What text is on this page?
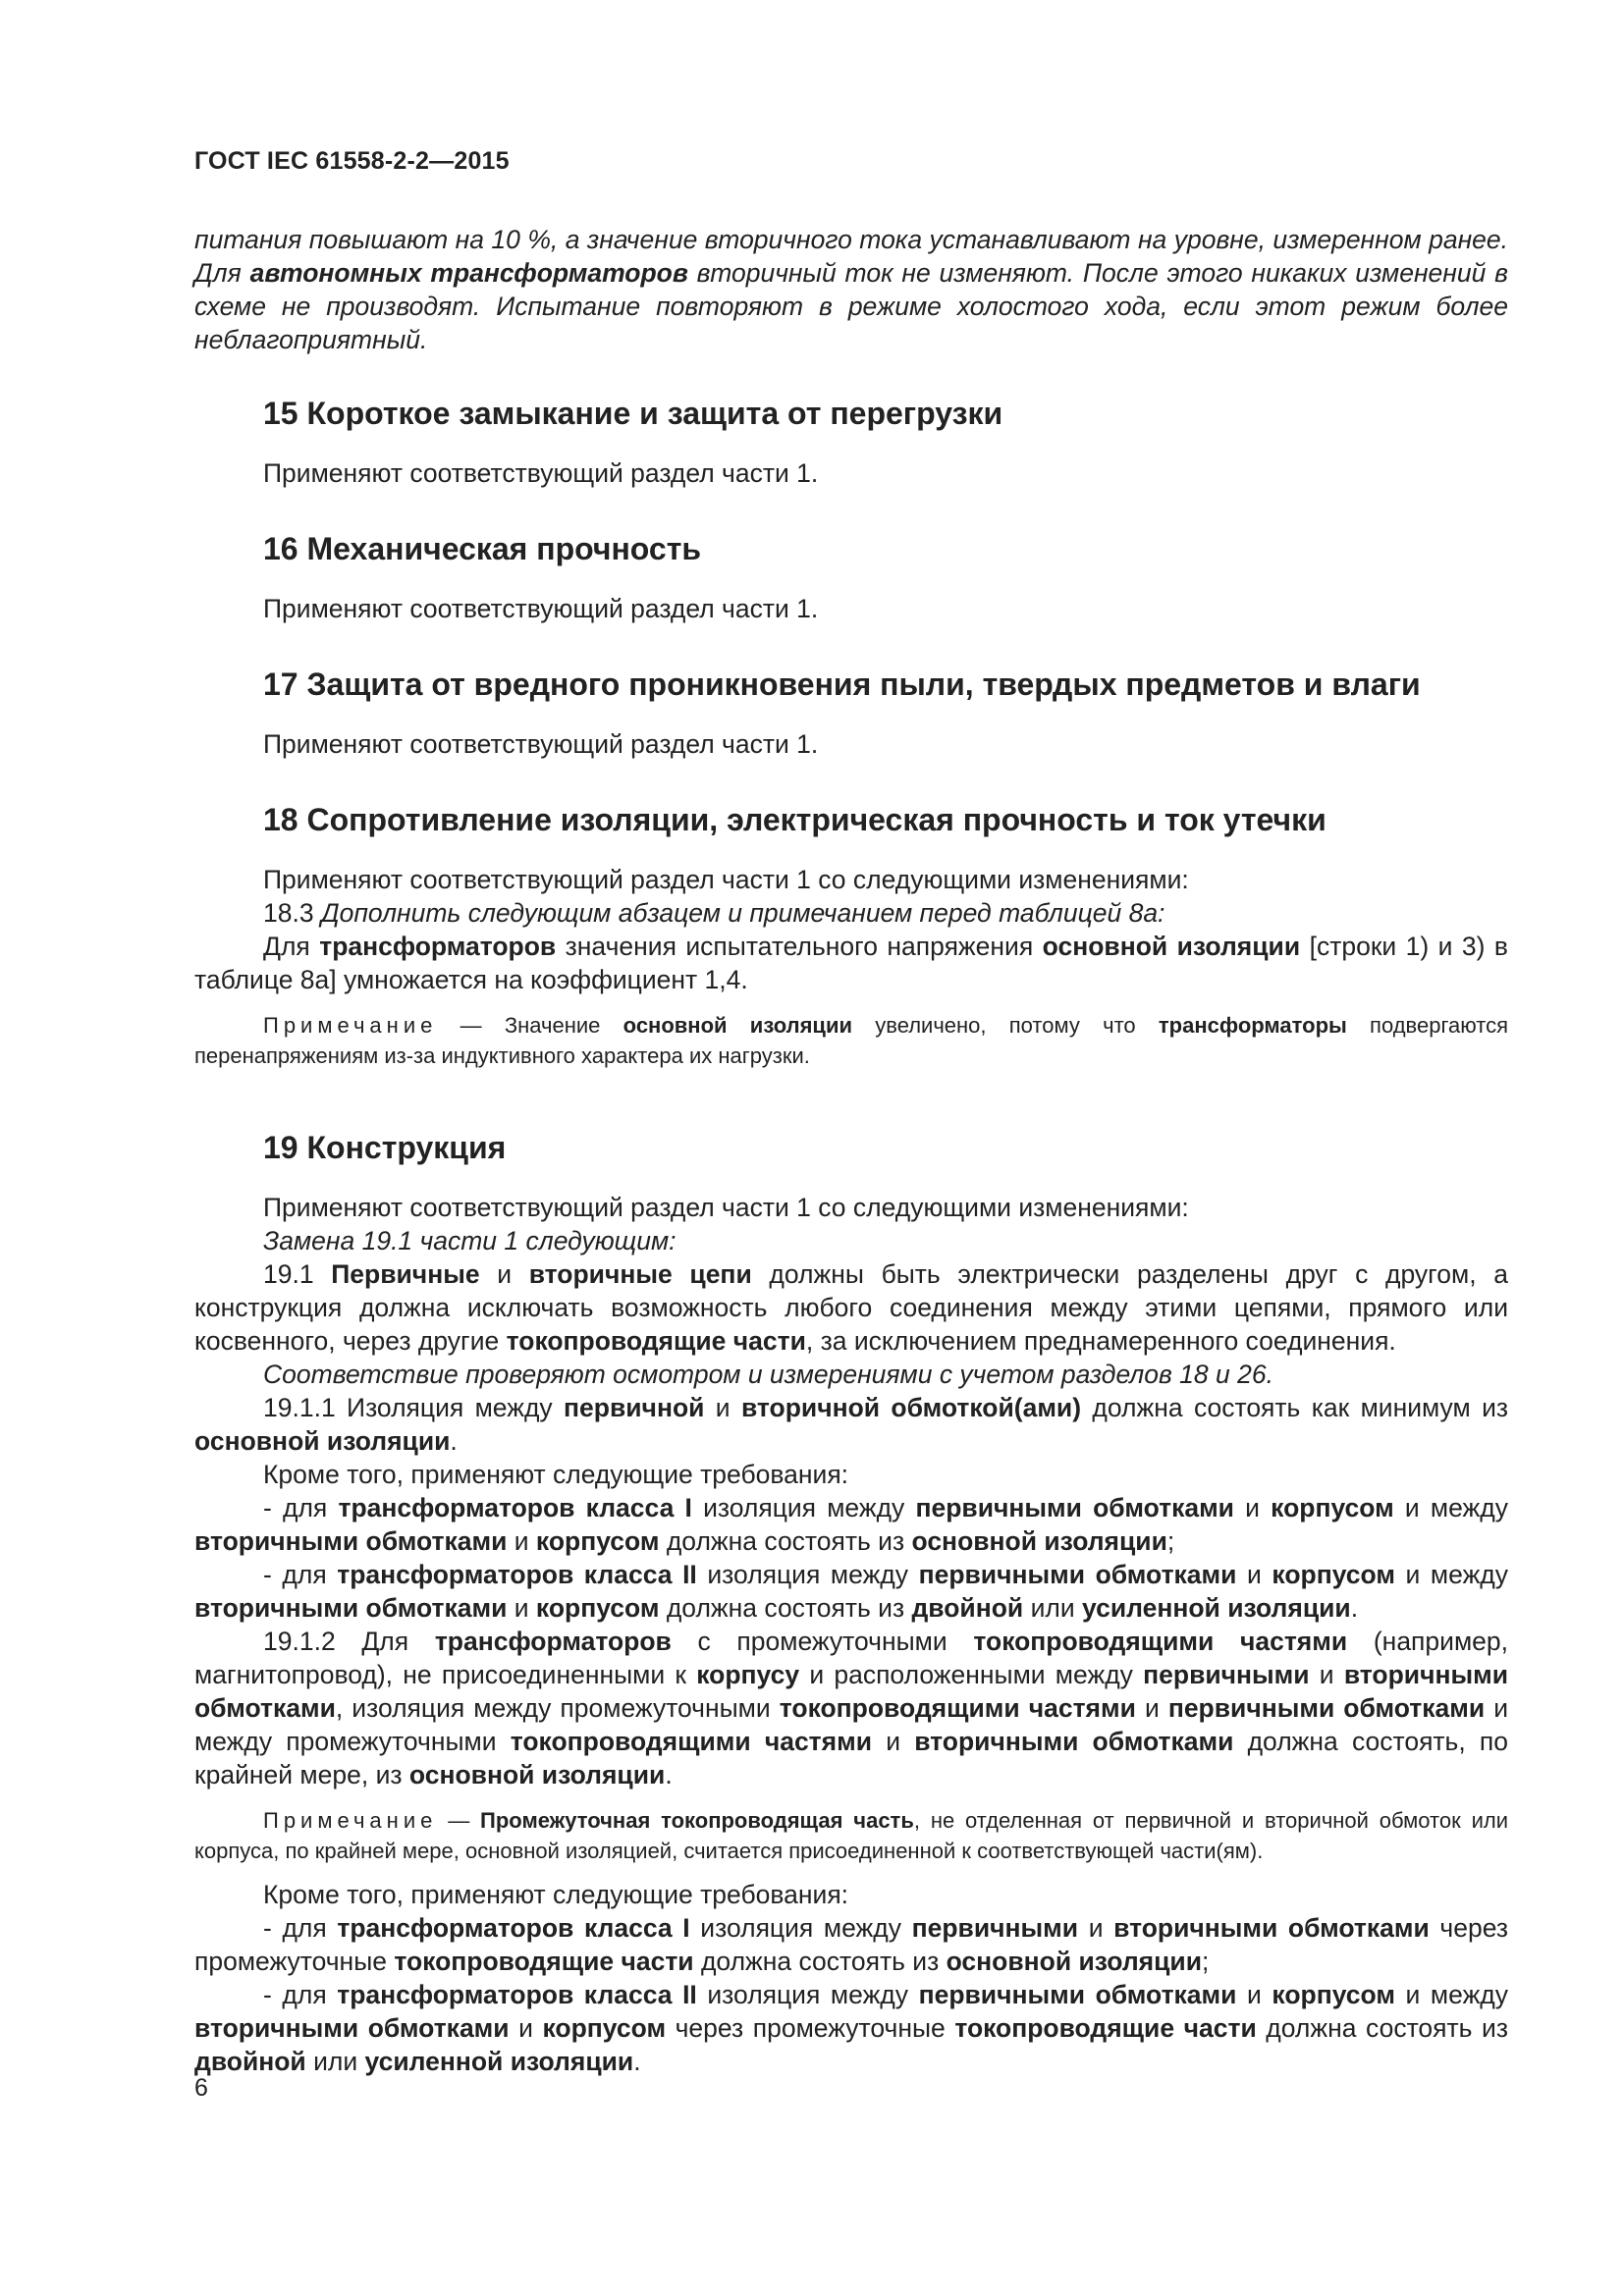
ГОСТ IEC 61558-2-2—2015

питания повышают на 10 %, а значение вторичного тока устанавливают на уровне, измеренном ранее. Для автономных трансформаторов вторичный ток не изменяют. После этого никаких изменений в схеме не производят. Испытание повторяют в режиме холостого хода, если этот режим более неблагоприятный.

15 Короткое замыкание и защита от перегрузки

Применяют соответствующий раздел части 1.

16 Механическая прочность

Применяют соответствующий раздел части 1.

17 Защита от вредного проникновения пыли, твердых предметов и влаги

Применяют соответствующий раздел части 1.

18 Сопротивление изоляции, электрическая прочность и ток утечки

Применяют соответствующий раздел части 1 со следующими изменениями:

18.3 Дополнить следующим абзацем и примечанием перед таблицей 8а:

Для трансформаторов значения испытательного напряжения основной изоляции [строки 1) и 3) в таблице 8а] умножается на коэффициент 1,4.

Примечание — Значение основной изоляции увеличено, потому что трансформаторы подвергаются перенапряжениям из-за индуктивного характера их нагрузки.

19 Конструкция

Применяют соответствующий раздел части 1 со следующими изменениями:

Замена 19.1 части 1 следующим:

19.1 Первичные и вторичные цепи должны быть электрически разделены друг с другом, а конструкция должна исключать возможность любого соединения между этими цепями, прямого или косвенного, через другие токопроводящие части, за исключением преднамеренного соединения.

Соответствие проверяют осмотром и измерениями с учетом разделов 18 и 26.

19.1.1 Изоляция между первичной и вторичной обмоткой(ами) должна состоять как минимум из основной изоляции.

Кроме того, применяют следующие требования:

- для трансформаторов класса I изоляция между первичными обмотками и корпусом и между вторичными обмотками и корпусом должна состоять из основной изоляции;

- для трансформаторов класса II изоляция между первичными обмотками и корпусом и между вторичными обмотками и корпусом должна состоять из двойной или усиленной изоляции.

19.1.2 Для трансформаторов с промежуточными токопроводящими частями (например, магнитопровод), не присоединенными к корпусу и расположенными между первичными и вторичными обмотками, изоляция между промежуточными токопроводящими частями и первичными обмотками и между промежуточными токопроводящими частями и вторичными обмотками должна состоять, по крайней мере, из основной изоляции.

Примечание — Промежуточная токопроводящая часть, не отделенная от первичной и вторичной обмоток или корпуса, по крайней мере, основной изоляцией, считается присоединенной к соответствующей части(ям).

Кроме того, применяют следующие требования:

- для трансформаторов класса I изоляция между первичными и вторичными обмотками через промежуточные токопроводящие части должна состоять из основной изоляции;

- для трансформаторов класса II изоляция между первичными обмотками и корпусом и между вторичными обмотками и корпусом через промежуточные токопроводящие части должна состоять из двойной или усиленной изоляции.

6
